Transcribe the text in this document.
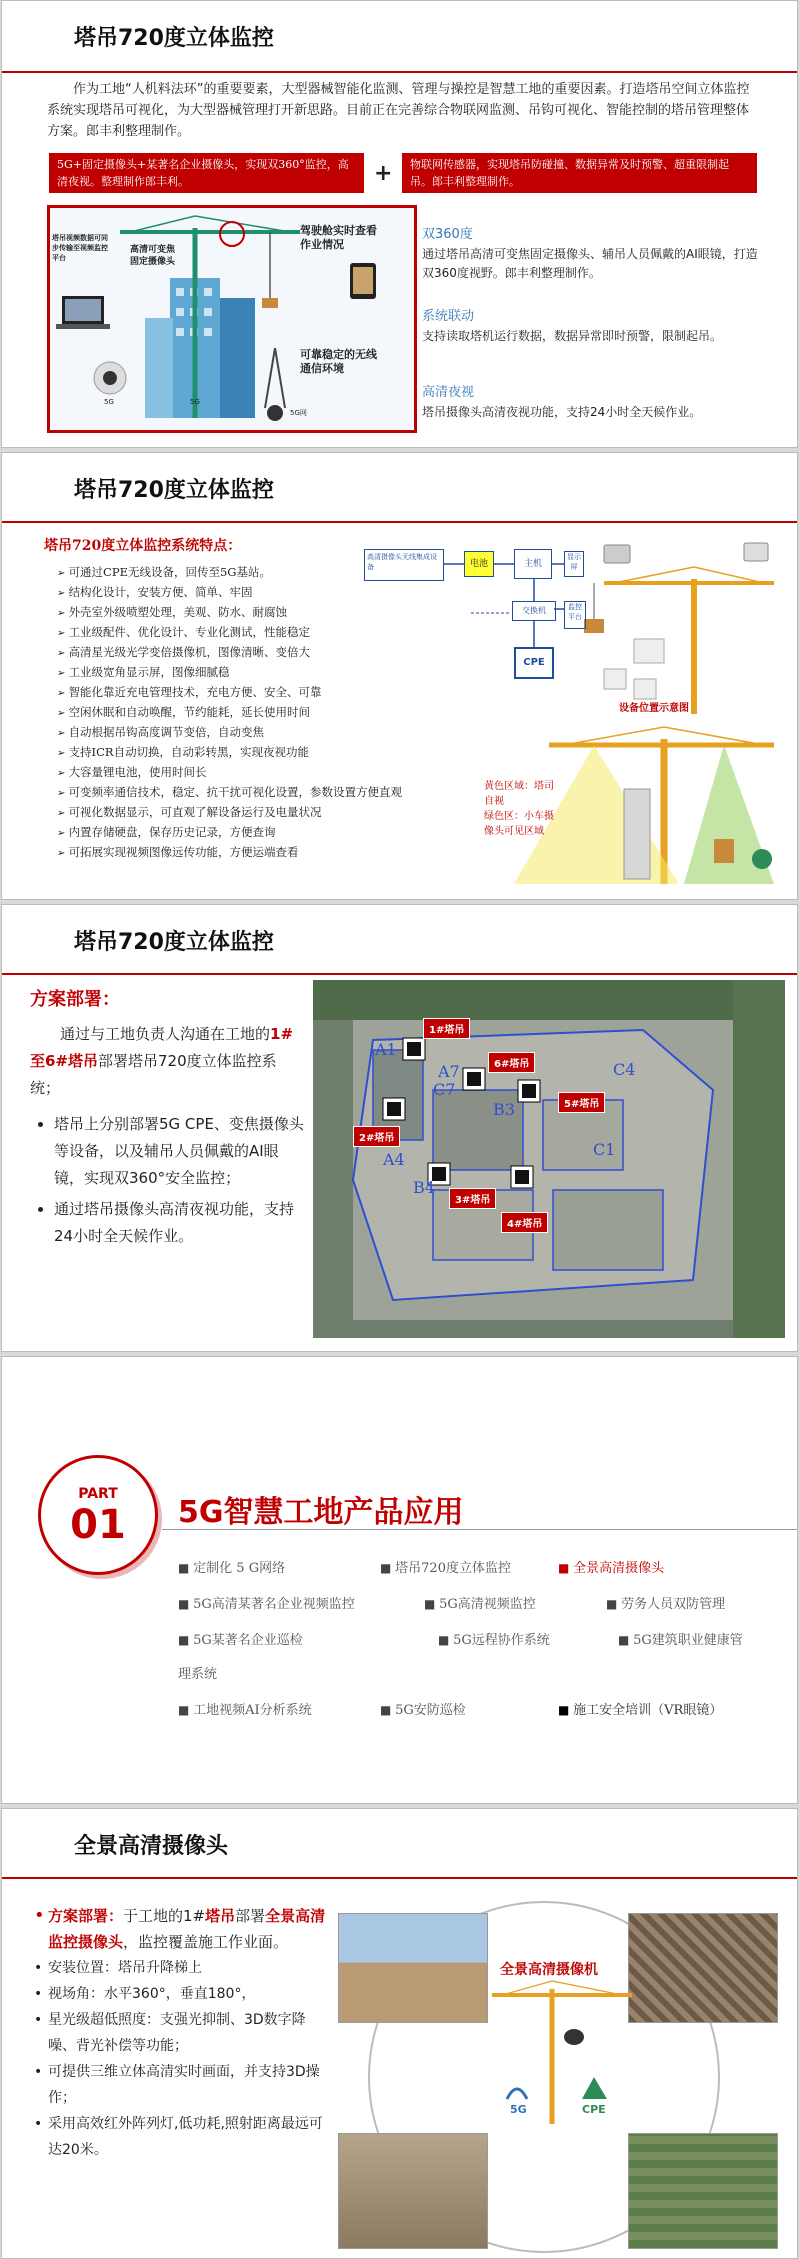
塔吊720度立体监控
作为工地“人机料法环”的重要要素，大型器械智能化监测、管理与操控是智慧工地的重要因素。打造塔吊空间立体监控系统实现塔吊可视化，为大型器械管理打开新思路。目前正在完善综合物联网监测、吊钩可视化、智能控制的塔吊管理整体方案。郎丰利整理制作。
5G+固定摄像头+某著名企业摄像头，实现双360°监控，高清夜视。整理制作郎丰利。	+	物联网传感器，实现塔吊防碰撞、数据异常及时预警、超重限制起吊。郎丰利整理制作。
塔吊视频数据可同步传输至视频监控平台
高清可变焦固定摄像头
驾驶舱实时查看作业情况
可靠稳定的无线通信环境
5G	5G
5G网
双360度
通过塔吊高清可变焦固定摄像头、辅吊人员佩戴的AI眼镜，打造双360度视野。郎丰利整理制作。
系统联动
支持读取塔机运行数据，数据异常即时预警，限制起吊。
高清夜视
塔吊摄像头高清夜视功能，支持24小时全天候作业。
塔吊720度立体监控
塔吊720度立体监控系统特点：
➢ 可通过CPE无线设备，回传至5G基站。
➢ 结构化设计，安装方便、简单、牢固
➢ 外壳室外级喷塑处理，美观、防水、耐腐蚀
➢ 工业级配件、优化设计、专业化测试，性能稳定
➢ 高清星光级光学变倍摄像机，图像清晰、变倍大
➢ 工业级宽角显示屏，图像细腻稳
➢ 智能化靠近充电管理技术，充电方便、安全、可靠
➢ 空闲休眠和自动唤醒，节约能耗，延长使用时间
➢ 自动根据吊钩高度调节变倍，自动变焦
➢ 支持ICR自动切换，自动彩转黑，实现夜视功能
➢ 大容量锂电池，使用时间长
➢ 可变频率通信技术，稳定、抗干扰可视化设置，参数设置方便直观
➢ 可视化数据显示，可直观了解设备运行及电量状况
➢ 内置存储硬盘，保存历史记录，方便查询
➢ 可拓展实现视频图像远传功能，方便运端查看
高清摄像头无线集成设备	电池	主机
显示屏
交换机	监控平台
CPE
设备位置示意图
黄色区域：塔司自视
绿色区：小车摄像头可见区域
塔吊720度立体监控
方案部署：
通过与工地负责人沟通在工地的1#至6#塔吊部署塔吊720度立体监控系统；
• 塔吊上分别部署5G CPE、变焦摄像头等设备，以及辅吊人员佩戴的AI眼镜，实现双360°安全监控；
• 通过塔吊摄像头高清夜视功能，支持24小时全天候作业。
1#塔吊
6#塔吊
5#塔吊
2#塔吊
3#塔吊
4#塔吊
A1
A4
A7
B3
B4
C1
C4
C7
PART
01	5G智慧工地产品应用
■ 定制化 5 G网络	■ 塔吊720度立体监控	■ 全景高清摄像头
■ 5G高清某著名企业视频监控	■ 5G高清视频监控	■ 劳务人员双防管理
■ 5G某著名企业巡检	■ 5G远程协作系统	■ 5G建筑职业健康管
理系统
■ 工地视频AI分析系统	■ 5G安防巡检	■ 施工安全培训（VR眼镜）
全景高清摄像头
• 方案部署：于工地的1#塔吊部署全景高清监控摄像头，监控覆盖施工作业面。
• 安装位置：塔吊升降梯上
• 视场角：水平360°，垂直180°，
• 星光级超低照度：支强光抑制、3D数字降噪、背光补偿等功能；
• 可提供三维立体高清实时画面，并支持3D操作；
• 采用高效红外阵列灯,低功耗,照射距离最远可达20米。
全景高清摄像机
5G	CPE
